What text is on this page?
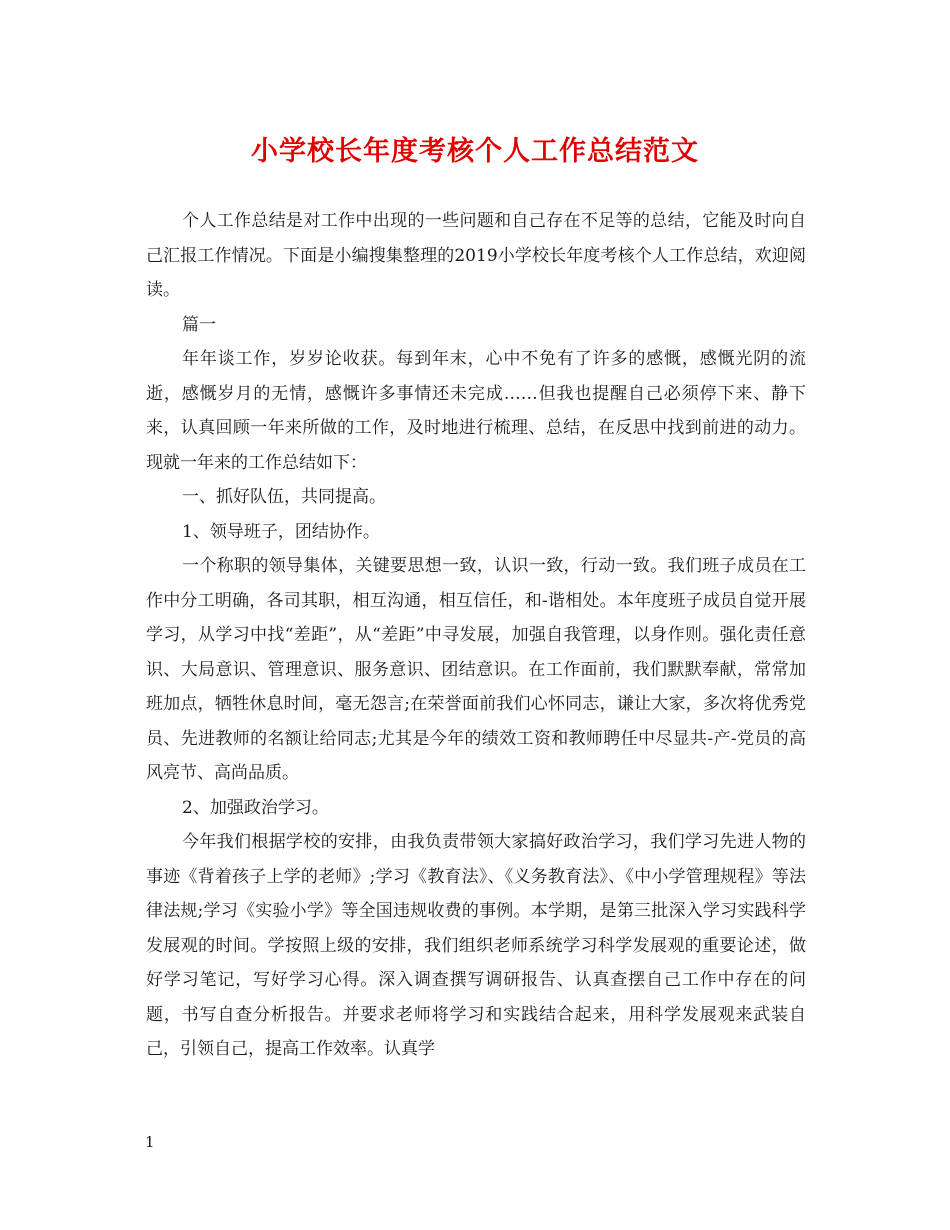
小学校长年度考核个人工作总结范文

个人工作总结是对工作中出现的一些问题和自己存在不足等的总结，它能及时向自己汇报工作情况。下面是小编搜集整理的2019小学校长年度考核个人工作总结，欢迎阅读。

篇一

年年谈工作，岁岁论收获。每到年末，心中不免有了许多的感慨，感慨光阴的流逝，感慨岁月的无情，感慨许多事情还未完成……但我也提醒自己必须停下来、静下来，认真回顾一年来所做的工作，及时地进行梳理、总结，在反思中找到前进的动力。现就一年来的工作总结如下：

一、抓好队伍，共同提高。

1、领导班子，团结协作。

一个称职的领导集体，关键要思想一致，认识一致，行动一致。我们班子成员在工作中分工明确，各司其职，相互沟通，相互信任，和-谐相处。本年度班子成员自觉开展学习，从学习中找“差距”，从“差距”中寻发展，加强自我管理，以身作则。强化责任意识、大局意识、管理意识、服务意识、团结意识。在工作面前，我们默默奉献，常常加班加点，牺牲休息时间，毫无怨言;在荣誉面前我们心怀同志，谦让大家，多次将优秀党员、先进教师的名额让给同志;尤其是今年的绩效工资和教师聘任中尽显共-产-党员的高风亮节、高尚品质。

2、加强政治学习。

今年我们根据学校的安排，由我负责带领大家搞好政治学习，我们学习先进人物的事迹《背着孩子上学的老师》;学习《教育法》、《义务教育法》、《中小学管理规程》等法律法规;学习《实验小学》等全国违规收费的事例。本学期，是第三批深入学习实践科学发展观的时间。学按照上级的安排，我们组织老师系统学习科学发展观的重要论述，做好学习笔记，写好学习心得。深入调查撰写调研报告、认真查摆自己工作中存在的问题，书写自查分析报告。并要求老师将学习和实践结合起来，用科学发展观来武装自己，引领自己，提高工作效率。认真学

1
